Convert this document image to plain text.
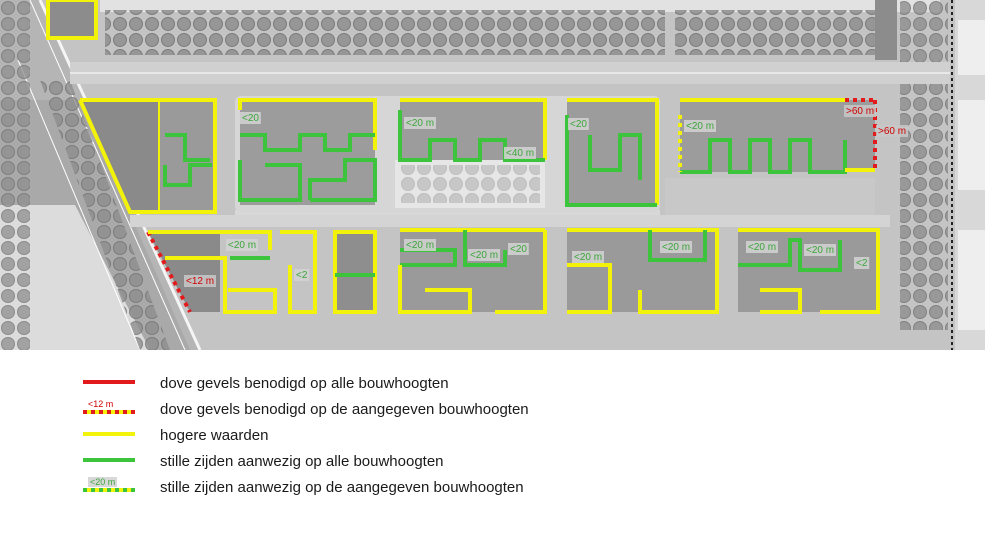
<20	<20 m
<40 m
<20	<20 m
>60 m
>60 m
<20 m
<12 m
<2
<20 m
<20 m
<20
<20 m
<20 m	<20 m	<20 m
<2
dove gevels benodigd op alle bouwhoogten
<12 m	dove gevels benodigd op de aangegeven bouwhoogten
hogere waarden
stille zijden aanwezig op alle bouwhoogten
<20 m	stille zijden aanwezig op de aangegeven bouwhoogten
